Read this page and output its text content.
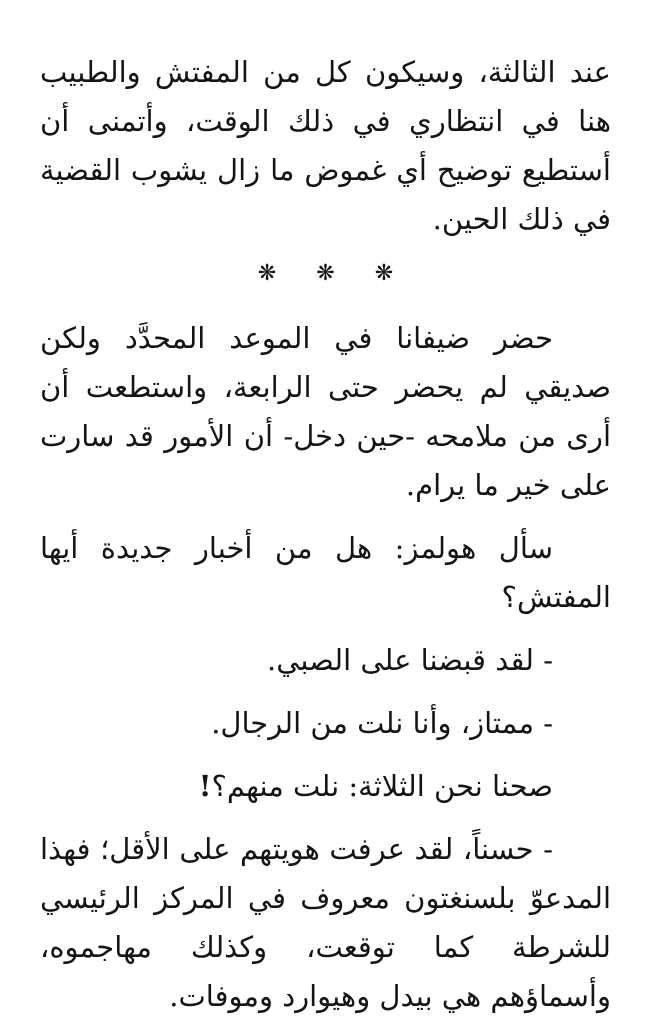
عند الثالثة، وسيكون كل من المفتش والطبيب هنا في انتظاري في ذلك الوقت، وأتمنى أن أستطيع توضيح أي غموض ما زال يشوب القضية في ذلك الحين.

❋ ❋ ❋

حضر ضيفانا في الموعد المحدَّد ولكن صديقي لم يحضر حتى الرابعة، واستطعت أن أرى من ملامحه -حين دخل- أن الأمور قد سارت على خير ما يرام.

سأل هولمز: هل من أخبار جديدة أيها المفتش؟

- لقد قبضنا على الصبي.

- ممتاز، وأنا نلت من الرجال.

صحنا نحن الثلاثة: نلت منهم؟!

- حسناً، لقد عرفت هويتهم على الأقل؛ فهذا المدعوّ بلسنغتون معروف في المركز الرئيسي للشرطة كما توقعت، وكذلك مهاجموه، وأسماؤهم هي بيدل وهيوارد وموفات.
